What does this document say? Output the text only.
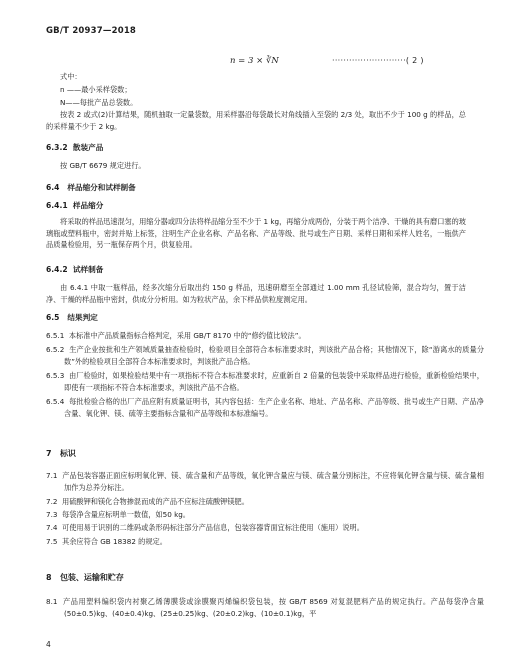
GB/T 20937—2018
n = 3 × ∛N	··························( 2 )
式中：
n ——最小采样袋数；
N——每批产品总袋数。
按表 2 或式(2)计算结果，随机抽取一定量袋数，用采样器沿每袋最长对角线插入至袋的 2/3 处，取出不少于 100 g 的样品，总的采样量不少于 2 kg。
6.3.2 散装产品
按 GB/T 6679 规定进行。
6.4 样品缩分和试样制备
6.4.1 样品缩分
将采取的样品迅速混匀，用缩分器或四分法将样品缩分至不少于 1 kg，再缩分成两份，分装于两个洁净、干燥的具有磨口塞的玻璃瓶或塑料瓶中，密封并贴上标签，注明生产企业名称、产品名称、产品等级、批号或生产日期、采样日期和采样人姓名，一瓶供产品质量检验用，另一瓶保存两个月，供复验用。
6.4.2 试样制备
由 6.4.1 中取一瓶样品，经多次缩分后取出约 150 g 样品，迅速研磨至全部通过 1.00 mm 孔径试验筛，混合均匀，置于洁净、干燥的样品瓶中密封，供成分分析用。如为粒状产品，余下样品供粒度测定用。
6.5 结果判定
6.5.1 本标准中产品质量指标合格判定，采用 GB/T 8170 中的“修约值比较法”。
6.5.2 生产企业按批和生产领域质量抽查检验时，检验项目全部符合本标准要求时，判该批产品合格；其他情况下，除“游离水的质量分数”外的检验项目全部符合本标准要求时，判该批产品合格。
6.5.3 由厂检验时，如果检验结果中有一项指标不符合本标准要求时，应重新自 2 倍量的包装袋中采取样品进行检验，重新检验结果中，即使有一项指标不符合本标准要求，判该批产品不合格。
6.5.4 每批检验合格的出厂产品应附有质量证明书，其内容包括：生产企业名称、地址、产品名称、产品等级、批号或生产日期、产品净含量、氧化钾、镁、硫等主要指标含量和产品等级和本标准编号。
7 标识
7.1 产品包装容器正面应标明氧化钾、镁、硫含量和产品等级，氧化钾含量应与镁、硫含量分别标注，不应将氧化钾含量与镁、硫含量相加作为总养分标注。
7.2 用硫酸钾和镁化合物掺混而成的产品不应标注硫酸钾镁肥。
7.3 每袋净含量应标明单一数值，如50 kg。
7.4 可使用易于识别的二维码或条形码标注部分产品信息，包装容器背面宜标注使用（施用）说明。
7.5 其余应符合 GB 18382 的规定。
8 包装、运输和贮存
8.1 产品用塑料编织袋内衬聚乙烯薄膜袋或涂膜聚丙烯编织袋包装，按 GB/T 8569 对复混肥料产品的规定执行。产品每袋净含量(50±0.5)kg、(40±0.4)kg、(25±0.25)kg、(20±0.2)kg、(10±0.1)kg，平
4
